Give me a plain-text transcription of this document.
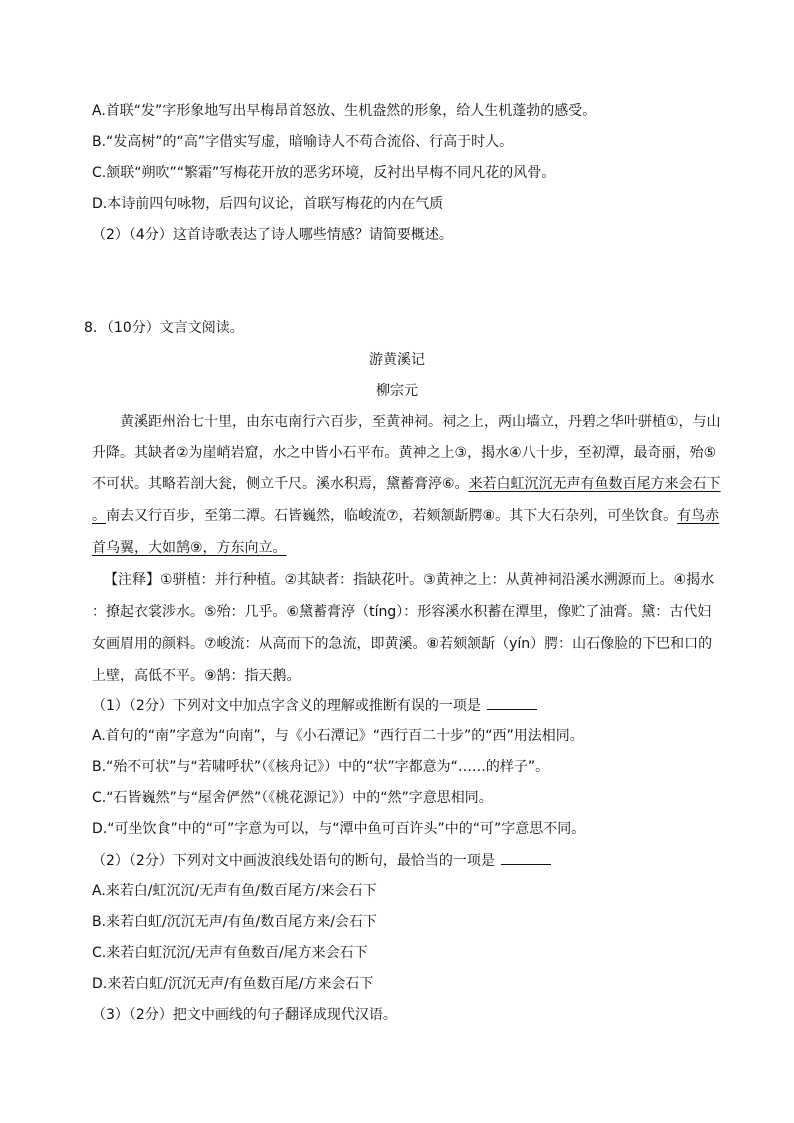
A.首联“发”字形象地写出早梅昂首怒放、生机盎然的形象，给人生机蓬勃的感受。
B.“发高树”的“高”字借实写虚，暗喻诗人不苟合流俗、行高于时人。
C.颔联“朔吹”“繁霜”写梅花开放的恶劣环境，反衬出早梅不同凡花的风骨。
D.本诗前四句咏物，后四句议论，首联写梅花的内在气质
（2）（4分）这首诗歌表达了诗人哪些情感？请简要概述。
8．（10分）文言文阅读。
游黄溪记
柳宗元
黄溪距州治七十里，由东屯南行六百步，至黄神祠。祠之上，两山墙立，丹碧之华叶骈植①，与山
升降。其缺者②为崖峭岩窟，水之中皆小石平布。黄神之上③，揭水④八十步，至初潭，最奇丽，殆⑤
不可状。其略若剖大瓮，侧立千尺。溪水积焉，黛蓄膏渟⑥。来若白虹沉沉无声有鱼数百尾方来会石下
。南去又行百步，至第二潭。石皆巍然，临峻流⑦，若颏颔龂腭⑧。其下大石杂列，可坐饮食。有鸟赤
首乌翼，大如鹄⑨，方东向立。
【注释】①骈植：并行种植。②其缺者：指缺花叶。③黄神之上：从黄神祠沿溪水溯源而上。④揭水
：撩起衣裳涉水。⑤殆：几乎。⑥黛蓄膏渟（tíng）：形容溪水积蓄在潭里，像贮了油膏。黛：古代妇
女画眉用的颜料。⑦峻流：从高而下的急流，即黄溪。⑧若颏颔龂（yín）腭：山石像脸的下巴和口的
上壁，高低不平。⑨鹄：指天鹅。
（1）（2分）下列对文中加点字含义的理解或推断有误的一项是
A.首句的“南”字意为“向南”，与《小石潭记》“西行百二十步”的“西”用法相同。
B.“殆不可状”与“若啸呼状”（《核舟记》）中的“状”字都意为“……的样子”。
C.“石皆巍然”与“屋舍俨然”（《桃花源记》）中的“然”字意思相同。
D.“可坐饮食”中的“可”字意为可以，与“潭中鱼可百许头”中的“可”字意思不同。
（2）（2分）下列对文中画波浪线处语句的断句，最恰当的一项是
A.来若白/虹沉沉/无声有鱼/数百尾方/来会石下
B.来若白虹/沉沉无声/有鱼/数百尾方来/会石下
C.来若白虹沉沉/无声有鱼数百/尾方来会石下
D.来若白虹/沉沉无声/有鱼数百尾/方来会石下
（3）（2分）把文中画线的句子翻译成现代汉语。
